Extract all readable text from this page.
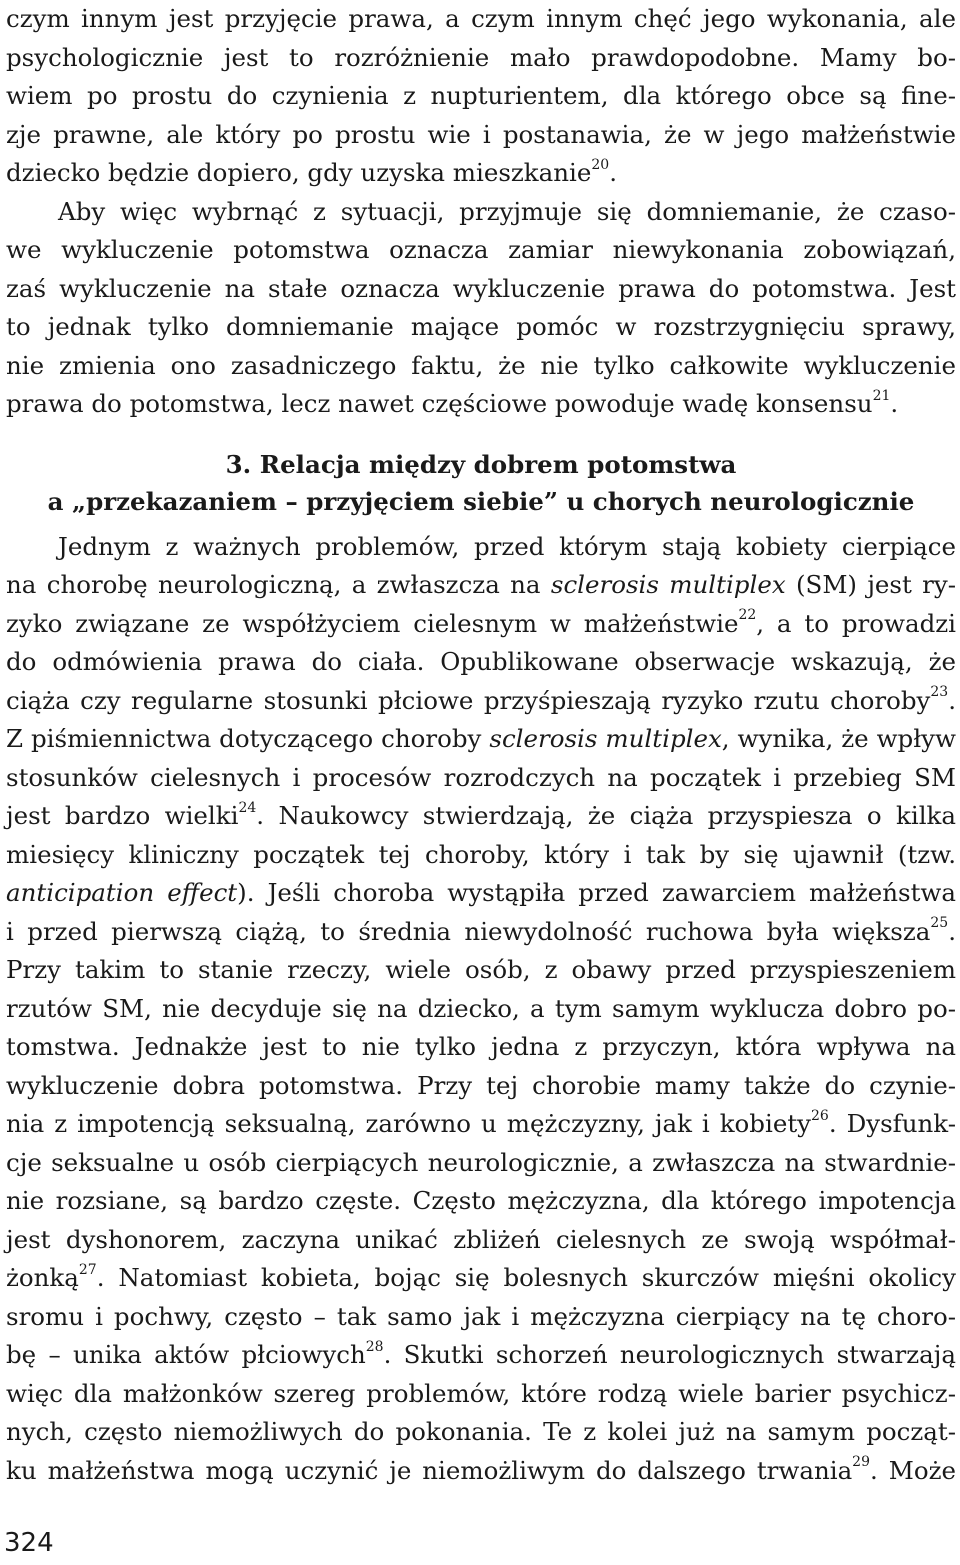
czym innym jest przyjęcie prawa, a czym innym chęć jego wykonania, ale
psychologicznie jest to rozróżnienie mało prawdopodobne. Mamy bo-
wiem po prostu do czynienia z nupturientem, dla którego obce są fine-
zje prawne, ale który po prostu wie i postanawia, że w jego małżeństwie
dziecko będzie dopiero, gdy uzyska mieszkanie$^{20}$.
Aby więc wybrnąć z sytuacji, przyjmuje się domniemanie, że czaso-
we wykluczenie potomstwa oznacza zamiar niewykonania zobowiązań,
zaś wykluczenie na stałe oznacza wykluczenie prawa do potomstwa. Jest
to jednak tylko domniemanie mające pomóc w rozstrzygnięciu sprawy,
nie zmienia ono zasadniczego faktu, że nie tylko całkowite wykluczenie
prawa do potomstwa, lecz nawet częściowe powoduje wadę konsensu$^{21}$.
3. Relacja między dobrem potomstwa
a „przekazaniem – przyjęciem siebie” u chorych neurologicznie
Jednym z ważnych problemów, przed którym stają kobiety cierpiące
na chorobę neurologiczną, a zwłaszcza na sclerosis multiplex (SM) jest ry-
zyko związane ze współżyciem cielesnym w małżeństwie$^{22}$, a to prowadzi
do odmówienia prawa do ciała. Opublikowane obserwacje wskazują, że
ciąża czy regularne stosunki płciowe przyśpieszają ryzyko rzutu choroby$^{23}$.
Z piśmiennictwa dotyczącego choroby sclerosis multiplex, wynika, że wpływ
stosunków cielesnych i procesów rozrodczych na początek i przebieg SM
jest bardzo wielki$^{24}$. Naukowcy stwierdzają, że ciąża przyspiesza o kilka
miesięcy kliniczny początek tej choroby, który i tak by się ujawnił (tzw.
anticipation effect). Jeśli choroba wystąpiła przed zawarciem małżeństwa
i przed pierwszą ciążą, to średnia niewydolność ruchowa była większa$^{25}$.
Przy takim to stanie rzeczy, wiele osób, z obawy przed przyspieszeniem
rzutów SM, nie decyduje się na dziecko, a tym samym wyklucza dobro po-
tomstwa. Jednakże jest to nie tylko jedna z przyczyn, która wpływa na
wykluczenie dobra potomstwa. Przy tej chorobie mamy także do czynie-
nia z impotencją seksualną, zarówno u mężczyzny, jak i kobiety$^{26}$. Dysfunk-
cje seksualne u osób cierpiących neurologicznie, a zwłaszcza na stwardnie-
nie rozsiane, są bardzo częste. Często mężczyzna, dla którego impotencja
jest dyshonorem, zaczyna unikać zbliżeń cielesnych ze swoją współmał-
żonką$^{27}$. Natomiast kobieta, bojąc się bolesnych skurczów mięśni okolicy
sromu i pochwy, często – tak samo jak i mężczyzna cierpiący na tę choro-
bę – unika aktów płciowych$^{28}$. Skutki schorzeń neurologicznych stwarzają
więc dla małżonków szereg problemów, które rodzą wiele barier psychicz-
nych, często niemożliwych do pokonania. Te z kolei już na samym począt-
ku małżeństwa mogą uczynić je niemożliwym do dalszego trwania$^{29}$. Może
324
